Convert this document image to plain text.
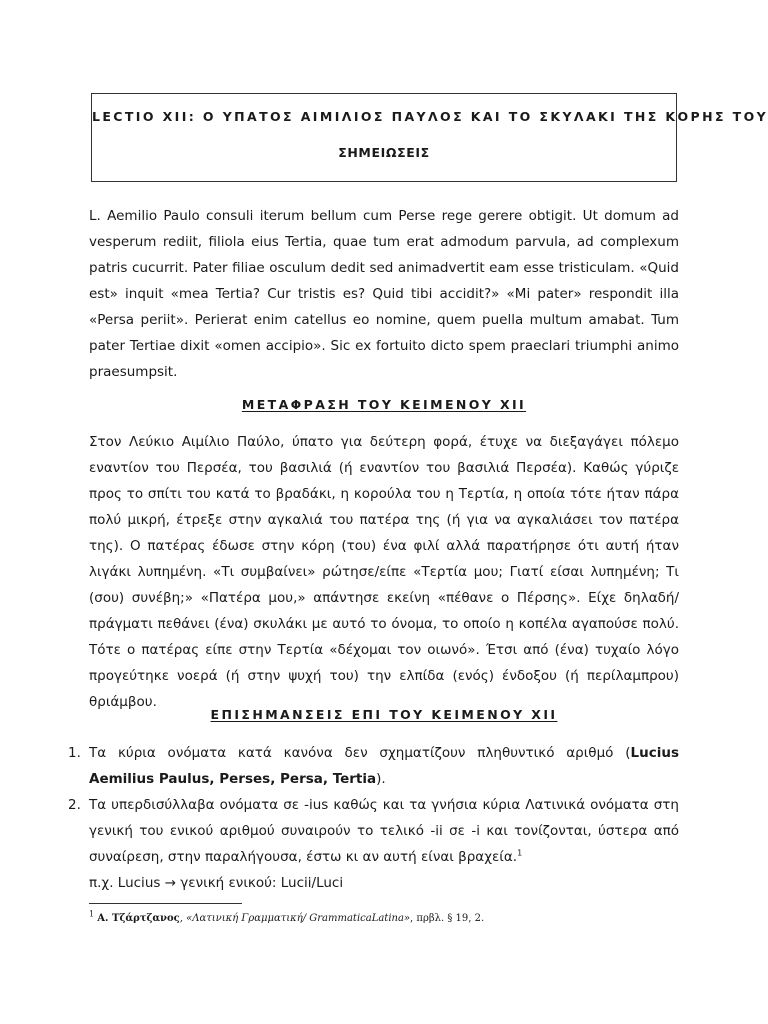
LECTIO XII: Ο ΥΠΑΤΟΣ ΑΙΜΙΛΙΟΣ ΠΑΥΛΟΣ ΚΑΙ ΤΟ ΣΚΥΛΑΚΙ ΤΗΣ ΚΟΡΗΣ ΤΟΥ
ΣΗΜΕΙΩΣΕΙΣ

L. Aemilio Paulo consuli iterum bellum cum Perse rege gerere obtigit. Ut domum ad vesperum rediit, filiola eius Tertia, quae tum erat admodum parvula, ad complexum patris cucurrit. Pater filiae osculum dedit sed animadvertit eam esse tristiculam. «Quid est» inquit «mea Tertia? Cur tristis es? Quid tibi accidit?» «Mi pater» respondit illa «Persa periit». Perierat enim catellus eo nomine, quem puella multum amabat. Tum pater Tertiae dixit «omen accipio». Sic ex fortuito dicto spem praeclari triumphi animo praesumpsit.

ΜΕΤΑΦΡΑΣΗ ΤΟΥ ΚΕΙΜΕΝΟΥ XII

Στον Λεύκιο Αιμίλιο Παύλο, ύπατο για δεύτερη φορά, έτυχε να διεξαγάγει πόλεμο εναντίον του Περσέα, του βασιλιά (ή εναντίον του βασιλιά Περσέα). Καθώς γύριζε προς το σπίτι του κατά το βραδάκι, η κορούλα του η Τερτία, η οποία τότε ήταν πάρα πολύ μικρή, έτρεξε στην αγκαλιά του πατέρα της (ή για να αγκαλιάσει τον πατέρα της). Ο πατέρας έδωσε στην κόρη (του) ένα φιλί αλλά παρατήρησε ότι αυτή ήταν λιγάκι λυπημένη. «Τι συμβαίνει» ρώτησε/είπε «Τερτία μου; Γιατί είσαι λυπημένη; Τι (σου) συνέβη;» «Πατέρα μου,» απάντησε εκείνη «πέθανε ο Πέρσης». Είχε δηλαδή/ πράγματι πεθάνει (ένα) σκυλάκι με αυτό το όνομα, το οποίο η κοπέλα αγαπούσε πολύ. Τότε ο πατέρας είπε στην Τερτία «δέχομαι τον οιωνό». Έτσι από (ένα) τυχαίο λόγο προγεύτηκε νοερά (ή στην ψυχή του) την ελπίδα (ενός) ένδοξου (ή περίλαμπρου) θριάμβου.

ΕΠΙΣΗΜΑΝΣΕΙΣ ΕΠΙ ΤΟΥ ΚΕΙΜΕΝΟΥ XII
1. Τα κύρια ονόματα κατά κανόνα δεν σχηματίζουν πληθυντικό αριθμό (Lucius Aemilius Paulus, Perses, Persa, Tertia).
2. Τα υπερδισύλλαβα ονόματα σε -ius καθώς και τα γνήσια κύρια Λατινικά ονόματα στη γενική του ενικού αριθμού συναιρούν το τελικό -ii σε -i και τονίζονται, ύστερα από συναίρεση, στην παραλήγουσα, έστω κι αν αυτή είναι βραχεία.$^1$
π.χ. Lucius → γενική ενικού: Lucii/Luci
$^1$ Α. Τζάρτζανος, «Λατινική Γραμματική/ GrammaticaLatina», πρβλ. § 19, 2.
